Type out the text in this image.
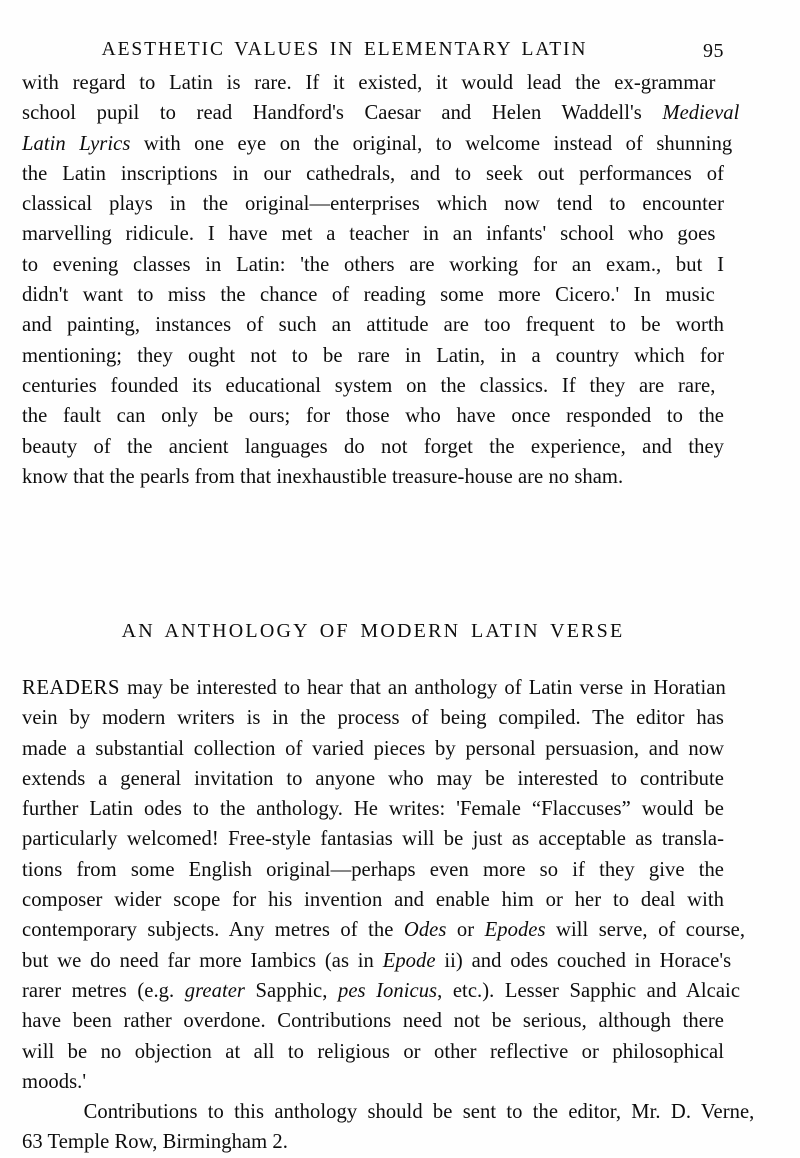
AESTHETIC VALUES IN ELEMENTARY LATIN	95
with regard to Latin is rare. If it existed, it would lead the ex-grammar
school pupil to read Handford's Caesar and Helen Waddell's Medieval
Latin Lyrics with one eye on the original, to welcome instead of shunning
the Latin inscriptions in our cathedrals, and to seek out performances of
classical plays in the original—enterprises which now tend to encounter
marvelling ridicule. I have met a teacher in an infants' school who goes
to evening classes in Latin: 'the others are working for an exam., but I
didn't want to miss the chance of reading some more Cicero.' In music
and painting, instances of such an attitude are too frequent to be worth
mentioning; they ought not to be rare in Latin, in a country which for
centuries founded its educational system on the classics. If they are rare,
the fault can only be ours; for those who have once responded to the
beauty of the ancient languages do not forget the experience, and they
know that the pearls from that inexhaustible treasure-house are no sham.
AN ANTHOLOGY OF MODERN LATIN VERSE
READERS may be interested to hear that an anthology of Latin verse in Horatian
vein by modern writers is in the process of being compiled. The editor has
made a substantial collection of varied pieces by personal persuasion, and now
extends a general invitation to anyone who may be interested to contribute
further Latin odes to the anthology. He writes: 'Female “Flaccuses” would be
particularly welcomed! Free-style fantasias will be just as acceptable as transla-
tions from some English original—perhaps even more so if they give the
composer wider scope for his invention and enable him or her to deal with
contemporary subjects. Any metres of the Odes or Epodes will serve, of course,
but we do need far more Iambics (as in Epode ii) and odes couched in Horace's
rarer metres (e.g. greater Sapphic, pes Ionicus, etc.). Lesser Sapphic and Alcaic
have been rather overdone. Contributions need not be serious, although there
will be no objection at all to religious or other reflective or philosophical
moods.'
Contributions to this anthology should be sent to the editor, Mr. D. Verne,
63 Temple Row, Birmingham 2.
